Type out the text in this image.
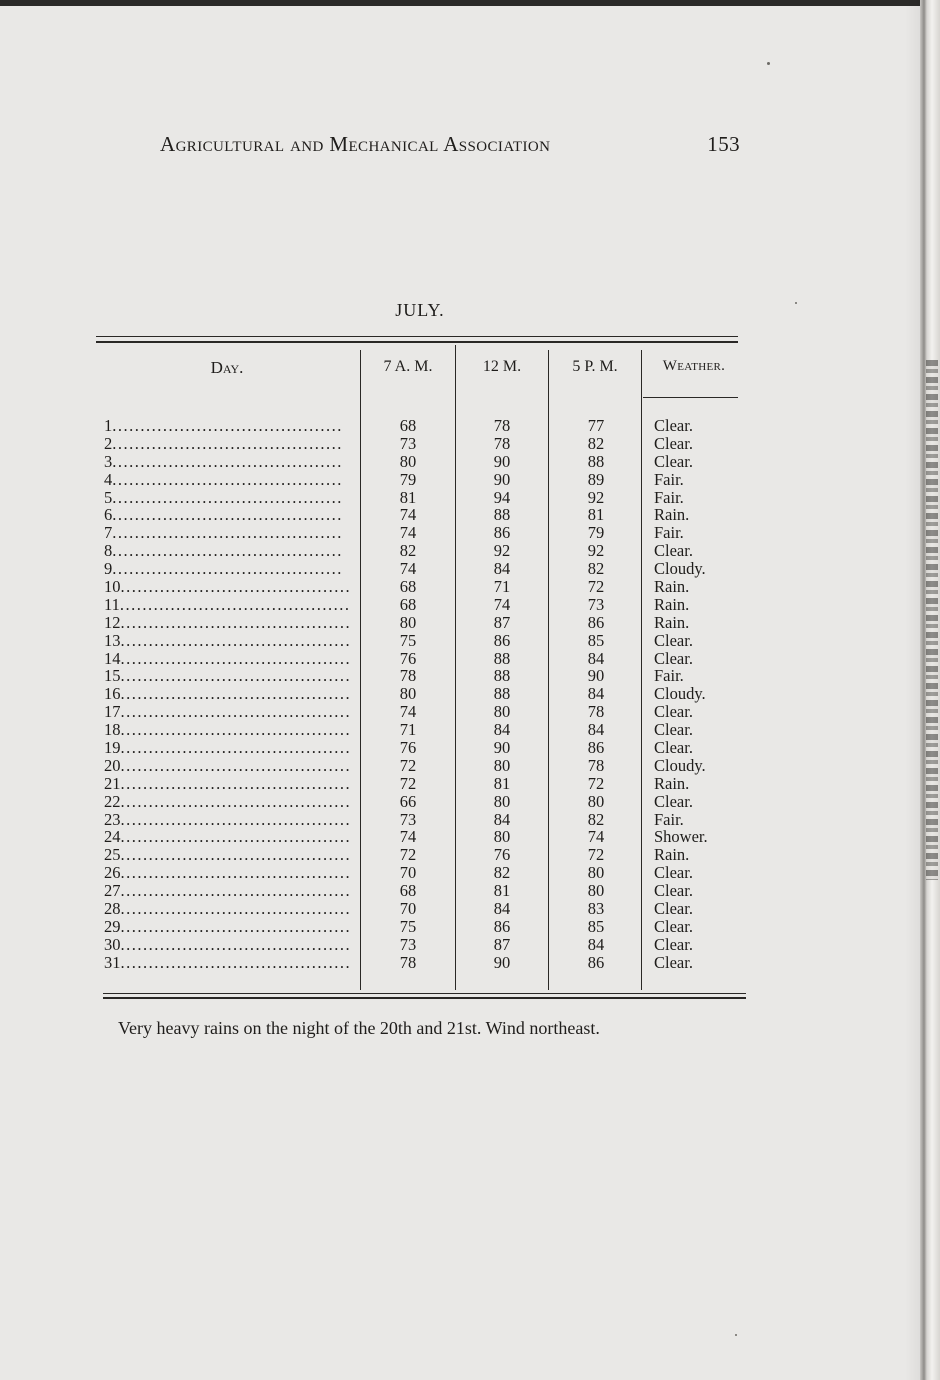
Agricultural and Mechanical Association	153
JULY.
Day.	7 A. M.	12 M.	5 P. M.	Weather.
1.........................................	68	78	77	Clear.
2.........................................	73	78	82	Clear.
3.........................................	80	90	88	Clear.
4.........................................	79	90	89	Fair.
5.........................................	81	94	92	Fair.
6.........................................	74	88	81	Rain.
7.........................................	74	86	79	Fair.
8.........................................	82	92	92	Clear.
9.........................................	74	84	82	Cloudy.
10.........................................	68	71	72	Rain.
11.........................................	68	74	73	Rain.
12.........................................	80	87	86	Rain.
13.........................................	75	86	85	Clear.
14.........................................	76	88	84	Clear.
15.........................................	78	88	90	Fair.
16.........................................	80	88	84	Cloudy.
17.........................................	74	80	78	Clear.
18.........................................	71	84	84	Clear.
19.........................................	76	90	86	Clear.
20.........................................	72	80	78	Cloudy.
21.........................................	72	81	72	Rain.
22.........................................	66	80	80	Clear.
23.........................................	73	84	82	Fair.
24.........................................	74	80	74	Shower.
25.........................................	72	76	72	Rain.
26.........................................	70	82	80	Clear.
27.........................................	68	81	80	Clear.
28.........................................	70	84	83	Clear.
29.........................................	75	86	85	Clear.
30.........................................	73	87	84	Clear.
31.........................................	78	90	86	Clear.
Very heavy rains on the night of the 20th and 21st. Wind northeast.
